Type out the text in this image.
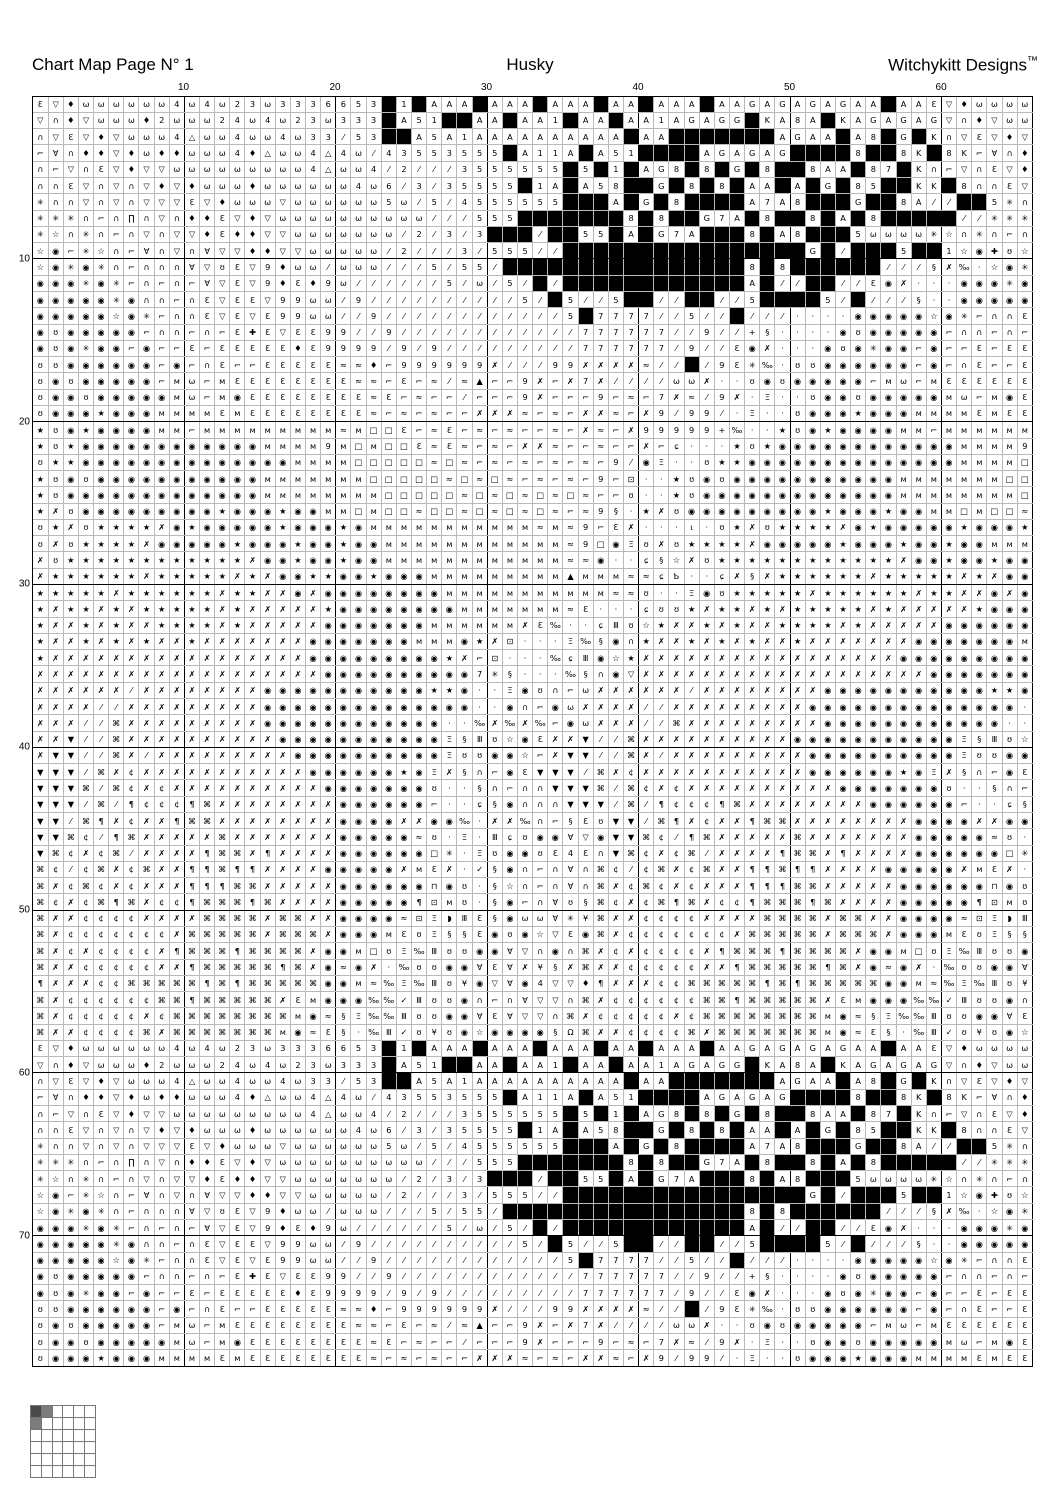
Chart Map Page N° 1	Husky	Witchykitt Designs™
10	20	30	40	50	60
10
20
30
40
50
60
70
Ɛ	▽	♦	ω	ω	ω	ω	ω	ω	4	ω	4	ω	2	3	ω	3	3	3	6	6	5	3		1		A	A	A		A	A	A		A	A	A		A	A		A	A	A		A	A	G	A	G	A	G	A	G	A	A		A	A	Ɛ	▽	♦	ω	ω	ω	ω
▽	∩	♦	▽	ω	ω	ω	♦	2	ω	ω	ω	2	4	ω	4	ω	2	3	ω	3	3	3		A	5	1			A	A		A	A	1		A	A		A	A	1	A	G	A	G	G		K	A	8	A		K	A	G	A	G	A	G	▽	∩	♦	▽	ω	ω
∩	▽	Ɛ	▽	♦	▽	ω	ω	ω	4	△	ω	ω	4	ω	ω	4	ω	3	3	⁄	5	3			A	5	A	1	A	A	A	A	A	A	A	A	A	A		A	A								A	G	A	A		A	8		G		K	∩	▽	Ɛ	▽	♦	▽
⌐	∀	∩	♦	♦	▽	♦	ω	♦	♦	ω	ω	ω	4	♦	△	ω	ω	4	△	4	ω	⁄	4	3	5	5	3	5	5	5		A	1	1	A		A	5	1					A	G	A	G	A	G					8			8	K		8	K	⌐	∀	∩	♦
∩	⌐	▽	∩	Ɛ	▽	♦	▽	▽	ω	ω	ω	ω	ω	ω	ω	ω	ω	4	△	ω	ω	4	⁄	2	⁄	⁄	⁄	3	5	5	5	5	5	5		5		1		A	G	8		8		G		8			8	A	A		8	7		K	∩	⌐	▽	∩	Ɛ	▽	♦
∩	∩	Ɛ	▽	∩	▽	∩	▽	♦	▽	♦	ω	ω	ω	♦	ω	ω	ω	ω	ω	ω	4	ω	6	⁄	3	⁄	3	5	5	5	5		1	A		A	5	8			G		8		8		A	A		A		G		8	5			K	K		8	∩	∩	Ɛ	▽
✳	∩	∩	▽	∩	▽	∩	▽	▽	▽	Ɛ	▽	♦	ω	ω	ω	▽	ω	ω	ω	ω	ω	ω	5	ω	⁄	5	⁄	4	5	5	5	5	5	5				A		G		8					A	7	A	8				G			8	A	⁄	⁄			5	✳	∩
✳	✳	✳	∩	⌐	∩	∏	∩	▽	∩	♦	♦	Ɛ	▽	♦	▽	ω	ω	ω	ω	ω	ω	ω	ω	ω	ω	⁄	⁄	⁄	5	5	5								8		8			G	7	A		8			8		A		8						⁄	⁄	✳	✳	✳
✳	☆	∩	✳	∩	⌐	∩	▽	∩	▽	▽	♦	Ɛ	♦	♦	▽	▽	ω	ω	ω	ω	ω	ω	ω	⁄	2	⁄	3	⁄	3				⁄			5	5		A		G	7	A				8		A	8				5	ω	ω	ω	ω	✳	☆	∩	✳	∩	⌐	∩
☆	◉	⌐	✳	☆	∩	⌐	∀	∩	▽	∩	∀	▽	▽	♦	♦	▽	▽	ω	ω	ω	ω	ω	⁄	2	⁄	⁄	⁄	3	⁄	5	5	5	⁄	⁄																	G		⁄				5			1	☆	◉	✚	ʊ	☆
☆	◉	✳	◉	✳	∩	⌐	∩	∩	∩	∀	▽	ʊ	Ɛ	▽	9	♦	ω	ω	⁄	ω	ω	ω	⁄	⁄	⁄	5	⁄	5	5	⁄																	8		8							⁄	⁄	⁄	§	✗	‰	·	☆	◉	✳
◉	◉	◉	✳	◉	✳	⌐	∩	⌐	∩	⌐	∀	▽	Ɛ	▽	9	♦	Ɛ	♦	9	ω	⁄	⁄	⁄	⁄	⁄	⁄	5	⁄	ω	⁄	5	⁄		⁄													A		⁄	⁄			⁄	⁄	Ɛ	◉	✗	·	·	·	◉	◉	◉	✳	◉
◉	◉	◉	◉	◉	✳	◉	∩	∩	⌐	∩	Ɛ	▽	Ɛ	Ɛ	▽	9	9	ω	ω	⁄	9	⁄	⁄	⁄	⁄	⁄	⁄	⁄	⁄	⁄	⁄	5	⁄		5	⁄	⁄	5			⁄	⁄			⁄	⁄	5					5	⁄		⁄	⁄	⁄	§	·	·	◉	◉	◉	◉	◉
◉	◉	◉	◉	◉	☆	◉	✳	⌐	∩	∩	Ɛ	▽	Ɛ	▽	Ɛ	9	9	ω	ω	⁄	⁄	9	⁄	⁄	⁄	⁄	⁄	⁄	⁄	⁄	⁄	⁄	⁄	⁄	5		7	7	7	7	⁄	⁄	5	⁄	⁄		⁄	⁄	⁄	·	·	·	·	◉	◉	◉	◉	◉	☆	◉	✳	⌐	∩	∩	Ɛ
◉	ʊ	◉	◉	◉	◉	◉	⌐	∩	∩	⌐	∩	⌐	Ɛ	✚	Ɛ	▽	Ɛ	Ɛ	9	9	⁄	⁄	9	⁄	⁄	⁄	⁄	⁄	⁄	⁄	⁄	⁄	⁄	⁄	⁄	7	7	7	7	7	7	⁄	⁄	9	⁄	⁄	+	§	·	·	·	·	◉	ʊ	◉	◉	◉	◉	◉	⌐	∩	∩	⌐	∩	⌐
◉	ʊ	◉	✳	◉	◉	⌐	◉	⌐	⌐	Ɛ	⌐	Ɛ	Ɛ	Ɛ	Ɛ	Ɛ	♦	Ɛ	9	9	9	9	⁄	9	⁄	9	⁄	⁄	⁄	⁄	⁄	⁄	⁄	⁄	⁄	7	7	7	7	7	7	⁄	9	⁄	⁄	Ɛ	◉	✗	·	·	·	◉	ʊ	◉	✳	◉	◉	⌐	◉	⌐	⌐	Ɛ	⌐	Ɛ	Ɛ
ʊ	ʊ	◉	◉	◉	◉	◉	◉	⌐	◉	⌐	∩	Ɛ	⌐	⌐	Ɛ	Ɛ	Ɛ	Ɛ	Ɛ	≈	≈	♦	⌐	9	9	9	9	9	9	✗	⁄	⁄	⁄	9	9	✗	✗	✗	✗	≈	⁄	⁄		⁄	9	Ɛ	✳	‰	·	ʊ	ʊ	◉	◉	◉	◉	◉	◉	⌐	◉	⌐	∩	Ɛ	⌐	⌐	Ɛ
ʊ	◉	ʊ	◉	◉	◉	◉	◉	⌐	ᴍ	ω	⌐	ᴍ	Ɛ	Ɛ	Ɛ	Ɛ	Ɛ	Ɛ	Ɛ	Ɛ	≈	≈	⌐	Ɛ	⌐	≈	⁄	≈	▲	⌐	⌐	9	✗	⌐	✗	7	✗	⁄	⁄	⁄	⁄	ω	ω	✗	·	·	ʊ	◉	ʊ	◉	◉	◉	◉	◉	⌐	ᴍ	ω	⌐	ᴍ	Ɛ	Ɛ	Ɛ	Ɛ	Ɛ	Ɛ
ʊ	◉	◉	ʊ	◉	◉	◉	◉	◉	ᴍ	ω	⌐	ᴍ	◉	Ɛ	Ɛ	Ɛ	Ɛ	Ɛ	Ɛ	Ɛ	Ɛ	≈	Ɛ	⌐	≈	⌐	⌐	⁄	⌐	⌐	⌐	9	✗	⌐	⌐	⌐	9	⌐	≈	⌐	7	✗	≈	⁄	9	✗	·	Ξ	·	·	ʊ	◉	◉	ʊ	◉	◉	◉	◉	◉	ᴍ	ω	⌐	ᴍ	◉	Ɛ
ʊ	◉	◉	◉	★	◉	◉	◉	ᴍ	ᴍ	ᴍ	ᴍ	Ɛ	ᴍ	Ɛ	Ɛ	Ɛ	Ɛ	Ɛ	Ɛ	Ɛ	Ɛ	≈	⌐	≈	⌐	≈	⌐	⌐	✗	✗	✗	≈	⌐	≈	⌐	✗	✗	≈	⌐	✗	9	⁄	9	9	⁄	·	Ξ	·	·	ʊ	◉	◉	◉	★	◉	◉	◉	ᴍ	ᴍ	ᴍ	ᴍ	Ɛ	ᴍ	Ɛ	Ɛ
★	ʊ	◉	★	◉	◉	◉	◉	ᴍ	ᴍ	⌐	ᴍ	ᴍ	ᴍ	ᴍ	ᴍ	ᴍ	ᴍ	ᴍ	ᴍ	≈	ᴍ	□	□	Ɛ	⌐	≈	Ɛ	⌐	≈	⌐	≈	⌐	⌐	≈	⌐	✗	≈	⌐	✗	9	9	9	9	9	+	‰	·	·	★	ʊ	◉	★	◉	◉	◉	◉	ᴍ	ᴍ	⌐	ᴍ	ᴍ	ᴍ	ᴍ	ᴍ	ᴍ
★	ʊ	★	◉	◉	◉	◉	◉	◉	◉	◉	◉	◉	◉	◉	ᴍ	ᴍ	ᴍ	ᴍ	9	ᴍ	□	ᴍ	□	□	Ɛ	≈	Ɛ	≈	⌐	≈	⌐	✗	✗	≈	⌐	⌐	≈	⌐	⌐	✗	⌐	ɕ	·	·	·	★	ʊ	★	◉	◉	◉	◉	◉	◉	◉	◉	◉	◉	◉	◉	ᴍ	ᴍ	ᴍ	ᴍ	9
ʊ	★	★	◉	◉	◉	◉	◉	◉	◉	◉	◉	◉	◉	◉	◉	◉	ᴍ	ᴍ	ᴍ	ᴍ	□	□	□	□	□	≈	□	≈	⌐	≈	⌐	≈	⌐	≈	⌐	≈	⌐	9	⁄	◉	Ξ	·	·	ʊ	★	★	◉	◉	◉	◉	◉	◉	◉	◉	◉	◉	◉	◉	◉	◉	ᴍ	ᴍ	ᴍ	ᴍ	□
★	ʊ	◉	ʊ	◉	◉	◉	◉	◉	◉	◉	◉	◉	◉	◉	ᴍ	ᴍ	ᴍ	ᴍ	ᴍ	ᴍ	ᴍ	□	□	□	□	□	≈	□	≈	□	≈	⌐	≈	⌐	≈	⌐	9	⌐	⊡	·	·	★	ʊ	◉	ʊ	◉	◉	◉	◉	◉	◉	◉	◉	◉	◉	◉	ᴍ	ᴍ	ᴍ	ᴍ	ᴍ	ᴍ	ᴍ	□	□
★	ʊ	◉	◉	◉	◉	◉	◉	◉	◉	◉	◉	◉	◉	◉	ᴍ	ᴍ	ᴍ	ᴍ	ᴍ	ᴍ	ᴍ	ᴍ	□	□	□	□	□	≈	□	≈	□	≈	□	≈	□	≈	⌐	⌐	ʊ	·	·	★	ʊ	◉	◉	◉	◉	◉	◉	◉	◉	◉	◉	◉	◉	◉	ᴍ	ᴍ	ᴍ	ᴍ	ᴍ	ᴍ	ᴍ	ᴍ	□
★	✗	ʊ	◉	◉	◉	◉	◉	◉	◉	◉	◉	★	◉	◉	◉	★	◉	◉	ᴍ	ᴍ	□	ᴍ	□	□	≈	□	□	≈	□	≈	□	≈	□	≈	⌐	≈	9	§	·	★	✗	ʊ	◉	◉	◉	◉	◉	◉	◉	◉	◉	★	◉	◉	◉	★	◉	◉	ᴍ	ᴍ	□	ᴍ	□	□	≈
ʊ	★	✗	ʊ	★	★	★	★	✗	◉	★	◉	◉	◉	◉	◉	★	◉	◉	◉	★	◉	ᴍ	ᴍ	ᴍ	ᴍ	ᴍ	ᴍ	ᴍ	ᴍ	ᴍ	ᴍ	ᴍ	≈	ᴍ	≈	9	⌐	Ɛ	✗	·	·	·	ɩ	·	ʊ	★	✗	ʊ	★	★	★	★	✗	◉	★	◉	◉	◉	◉	◉	★	◉	◉	◉	★
ʊ	✗	ʊ	★	★	★	★	✗	◉	◉	◉	◉	◉	★	◉	◉	◉	★	◉	◉	★	◉	◉	ᴍ	ᴍ	ᴍ	ᴍ	ᴍ	ᴍ	ᴍ	ᴍ	ᴍ	ᴍ	ᴍ	ᴍ	≈	9	□	◉	Ξ	ʊ	✗	ʊ	★	★	★	★	✗	◉	◉	◉	◉	◉	★	◉	◉	◉	★	◉	◉	★	◉	◉	ᴍ	ᴍ	ᴍ
✗	ʊ	★	★	★	★	★	★	★	★	★	★	★	★	✗	◉	◉	★	◉	◉	★	◉	◉	ᴍ	ᴍ	ᴍ	ᴍ	ᴍ	ᴍ	ᴍ	ᴍ	ᴍ	ᴍ	ᴍ	ᴍ	≈	≈	◉	·	·	ɕ	§	☆	✗	ʊ	★	★	★	★	★	★	★	★	★	★	★	★	✗	◉	◉	★	◉	◉	★	◉	◉
✗	★	★	★	★	★	★	✗	★	★	★	★	★	✗	★	✗	◉	◉	★	★	◉	◉	★	◉	◉	◉	ᴍ	ᴍ	ᴍ	ᴍ	ᴍ	ᴍ	ᴍ	ᴍ	ᴍ	▲	ᴍ	ᴍ	ᴍ	≈	≈	ɕ	Ƅ	·	·	ɕ	✗	§	✗	★	★	★	★	★	★	✗	★	★	★	★	★	✗	★	✗	◉	◉
★	★	★	★	★	✗	★	★	★	★	★	★	✗	★	★	✗	✗	◉	✗	◉	◉	◉	◉	◉	◉	◉	◉	ᴍ	ᴍ	ᴍ	ᴍ	ᴍ	ᴍ	ᴍ	ᴍ	ᴍ	ᴍ	ᴍ	≈	≈	ʊ	·	·	Ξ	◉	ʊ	★	★	★	★	★	✗	★	★	★	★	★	★	✗	★	★	✗	✗	◉	✗	◉
★	✗	★	★	✗	★	✗	★	★	★	★	★	✗	★	✗	✗	✗	✗	✗	★	◉	◉	◉	◉	◉	◉	◉	◉	ᴍ	ᴍ	ᴍ	ᴍ	ᴍ	ᴍ	ᴍ	≈	Ɛ	·	·	·	ɕ	ʊ	ʊ	★	✗	★	★	✗	★	✗	★	★	★	★	★	✗	★	✗	✗	✗	✗	✗	★	◉	◉	◉
★	✗	✗	★	✗	★	✗	✗	★	★	★	★	✗	★	✗	✗	✗	✗	✗	◉	◉	◉	◉	◉	◉	◉	ᴍ	ᴍ	ᴍ	ᴍ	ᴍ	ᴍ	✗	Ɛ	‰	·	·	ɕ	Ⅲ	ʊ	☆	★	✗	✗	★	✗	★	✗	✗	★	★	★	★	✗	★	✗	✗	✗	✗	✗	◉	◉	◉	◉	◉	◉
★	✗	✗	★	✗	★	✗	★	✗	✗	★	✗	✗	✗	✗	✗	✗	✗	◉	◉	◉	◉	◉	◉	◉	ᴍ	ᴍ	ᴍ	◉	★	✗	⊡	·	·	·	Ξ	‰	§	◉	∩	★	✗	✗	★	✗	★	✗	★	✗	✗	★	✗	✗	✗	✗	✗	✗	✗	◉	◉	◉	◉	◉	◉	◉	ᴍ
★	✗	✗	✗	✗	✗	✗	✗	✗	✗	✗	✗	✗	✗	✗	✗	✗	✗	◉	◉	◉	◉	◉	◉	◉	◉	◉	★	✗	⌐	⊡	·	·	·	‰	ɕ	Ⅲ	◉	☆	★	✗	✗	✗	✗	✗	✗	✗	✗	✗	✗	✗	✗	✗	✗	✗	✗	✗	◉	◉	◉	◉	◉	◉	◉	◉	◉
✗	✗	✗	✗	✗	✗	✗	✗	✗	✗	✗	✗	✗	✗	✗	✗	✗	✗	✗	◉	◉	◉	◉	◉	◉	◉	◉	◉	◉	7	✳	§	·	·	·	‰	§	∩	◉	▽	✗	✗	✗	✗	✗	✗	✗	✗	✗	✗	✗	✗	✗	✗	✗	✗	✗	✗	✗	◉	◉	◉	◉	◉	◉	◉
✗	✗	✗	✗	✗	✗	⁄	✗	✗	✗	✗	✗	✗	✗	✗	◉	◉	◉	◉	◉	◉	◉	◉	◉	◉	◉	★	★	◉	·	·	Ξ	◉	ʊ	∩	⌐	ω	✗	✗	✗	✗	✗	✗	⁄	✗	✗	✗	✗	✗	✗	✗	✗	◉	◉	◉	◉	◉	◉	◉	◉	◉	◉	◉	★	★	◉
✗	✗	✗	✗	⁄	⁄	✗	✗	✗	✗	✗	✗	✗	✗	✗	◉	◉	◉	◉	◉	◉	◉	◉	◉	◉	◉	◉	◉	◉	·	·	◉	∩	⌐	◉	ω	✗	✗	✗	✗	⁄	⁄	✗	✗	✗	✗	✗	✗	✗	✗	✗	◉	◉	◉	◉	◉	◉	◉	◉	◉	◉	◉	◉	◉	◉	·
✗	✗	✗	⁄	⁄	⌘	✗	✗	✗	✗	✗	✗	✗	✗	✗	◉	◉	◉	◉	◉	◉	◉	◉	◉	◉	◉	◉	·	·	‰	✗	‰	✗	‰	⌐	◉	ω	✗	✗	✗	⁄	⁄	⌘	✗	✗	✗	✗	✗	✗	✗	✗	✗	◉	◉	◉	◉	◉	◉	◉	◉	◉	◉	◉	◉	·	·
✗	✗	▼	⁄	⁄	⌘	✗	✗	✗	✗	✗	✗	✗	✗	✗	✗	◉	◉	◉	◉	◉	◉	◉	◉	◉	◉	◉	Ξ	§	Ⅲ	ʊ	☆	◉	Ɛ	✗	✗	▼	⁄	⁄	⌘	✗	✗	✗	✗	✗	✗	✗	✗	✗	✗	◉	◉	◉	◉	◉	◉	◉	◉	◉	◉	◉	Ξ	§	Ⅲ	ʊ	☆
✗	▼	▼	⁄	⁄	⌘	✗	⁄	✗	✗	✗	✗	✗	✗	✗	✗	✗	◉	◉	◉	◉	◉	◉	◉	◉	◉	◉	Ξ	ʊ	ʊ	◉	◉	☆	⌐	✗	▼	▼	⁄	⁄	⌘	✗	⁄	✗	✗	✗	✗	✗	✗	✗	✗	✗	◉	◉	◉	◉	◉	◉	◉	◉	◉	◉	Ξ	ʊ	ʊ	◉	◉
▼	▼	▼	⁄	⌘	✗	¢	✗	✗	✗	✗	✗	✗	✗	✗	✗	✗	✗	◉	◉	◉	◉	◉	◉	★	◉	Ξ	✗	§	∩	⌐	◉	Ɛ	▼	▼	▼	⁄	⌘	✗	¢	✗	✗	✗	✗	✗	✗	✗	✗	✗	✗	✗	◉	◉	◉	◉	◉	◉	★	◉	Ξ	✗	§	∩	⌐	◉	Ɛ
▼	▼	▼	⌘	⁄	⌘	¢	✗	¢	✗	✗	✗	✗	✗	✗	✗	✗	✗	✗	◉	◉	◉	◉	◉	◉	◉	ʊ	·	·	§	∩	⌐	∩	∩	▼	▼	▼	⌘	⁄	⌘	¢	✗	¢	✗	✗	✗	✗	✗	✗	✗	✗	✗	✗	◉	◉	◉	◉	◉	◉	◉	ʊ	·	·	§	∩	⌐
▼	▼	▼	⁄	⌘	⁄	¶	¢	¢	¢	¶	⌘	✗	✗	✗	✗	✗	✗	✗	✗	◉	◉	◉	◉	◉	◉	⌐	·	·	ɕ	§	◉	∩	∩	∩	▼	▼	▼	⁄	⌘	⁄	¶	¢	¢	¢	¶	⌘	✗	✗	✗	✗	✗	✗	✗	✗	◉	◉	◉	◉	◉	◉	⌐	·	·	ɕ	§
▼	▼	⁄	⌘	¶	✗	¢	✗	✗	¶	⌘	⌘	✗	✗	✗	✗	✗	✗	✗	✗	◉	◉	◉	◉	✗	✗	◉	◉	‰	·	✗	✗	‰	∩	⌐	§	Ɛ	ʊ	▼	▼	⁄	⌘	¶	✗	¢	✗	✗	¶	⌘	⌘	✗	✗	✗	✗	✗	✗	✗	✗	◉	◉	◉	◉	✗	✗	◉	◉
▼	▼	⌘	¢	⁄	¶	⌘	✗	✗	✗	✗	✗	⌘	✗	✗	✗	✗	✗	✗	✗	◉	◉	◉	◉	◉	≈	ʊ	·	Ξ	·	Ⅲ	ɕ	ʊ	◉	◉	∀	▽	◉	▼	▼	⌘	¢	⁄	¶	⌘	✗	✗	✗	✗	✗	⌘	✗	✗	✗	✗	✗	✗	✗	◉	◉	◉	◉	◉	≈	ʊ	·
▼	⌘	¢	✗	¢	⌘	⁄	✗	✗	✗	✗	¶	⌘	⌘	✗	¶	✗	✗	✗	✗	◉	◉	◉	◉	◉	◉	□	✳	·	Ξ	ʊ	◉	◉	ʊ	Ɛ	4	Ɛ	∩	▼	⌘	¢	✗	¢	⌘	⁄	✗	✗	✗	✗	¶	⌘	⌘	✗	¶	✗	✗	✗	✗	◉	◉	◉	◉	◉	◉	□	✳
⌘	¢	⁄	¢	⌘	✗	¢	⌘	✗	✗	¶	¶	⌘	¶	¶	✗	✗	✗	✗	◉	◉	◉	◉	◉	✗	ᴍ	Ɛ	✗	·	✓	§	◉	∩	⌐	∩	∀	∩	⌘	¢	⁄	¢	⌘	✗	¢	⌘	✗	✗	¶	¶	⌘	¶	¶	✗	✗	✗	✗	◉	◉	◉	◉	◉	✗	ᴍ	Ɛ	✗	·
⌘	✗	¢	⌘	¢	✗	¢	✗	✗	✗	¶	¶	¶	⌘	⌘	✗	✗	✗	✗	✗	◉	◉	◉	◉	◉	◉	⊓	◉	ʊ	·	§	☆	∩	⌐	∩	∀	∩	⌘	✗	¢	⌘	¢	✗	¢	✗	✗	✗	¶	¶	¶	⌘	⌘	✗	✗	✗	✗	✗	◉	◉	◉	◉	◉	◉	⊓	◉	ʊ
⌘	¢	✗	¢	⌘	¶	⌘	✗	¢	¢	¶	⌘	⌘	⌘	¶	⌘	✗	✗	✗	✗	◉	◉	◉	◉	◉	¶	⊡	ᴍ	ʊ	·	§	◉	⌐	∩	∀	ʊ	§	⌘	¢	✗	¢	⌘	¶	⌘	✗	¢	¢	¶	⌘	⌘	⌘	¶	⌘	✗	✗	✗	✗	◉	◉	◉	◉	◉	¶	⊡	ᴍ	ʊ
⌘	✗	✗	¢	¢	¢	¢	✗	✗	✗	✗	⌘	⌘	⌘	⌘	✗	⌘	⌘	✗	✗	◉	◉	◉	◉	≈	⊡	Ξ	◗	Ⅲ	Ɛ	§	◉	ω	ω	∀	✳	¥	⌘	✗	✗	¢	¢	¢	¢	✗	✗	✗	✗	⌘	⌘	⌘	⌘	✗	⌘	⌘	✗	✗	◉	◉	◉	◉	≈	⊡	Ξ	◗	Ⅲ
⌘	✗	¢	¢	¢	¢	¢	¢	¢	✗	⌘	⌘	⌘	⌘	⌘	✗	⌘	⌘	⌘	✗	◉	◉	◉	ᴍ	Ɛ	ʊ	Ξ	§	§	Ɛ	◉	ʊ	◉	☆	▽	Ɛ	◉	⌘	✗	¢	¢	¢	¢	¢	¢	¢	✗	⌘	⌘	⌘	⌘	⌘	✗	⌘	⌘	⌘	✗	◉	◉	◉	ᴍ	Ɛ	ʊ	Ξ	§	§
⌘	✗	¢	✗	¢	¢	¢	¢	✗	¶	⌘	⌘	⌘	¶	⌘	⌘	⌘	⌘	✗	◉	◉	ᴍ	□	ʊ	Ξ	‰	Ⅲ	ʊ	ʊ	◉	◉	∀	▽	∩	◉	∩	⌘	✗	¢	✗	¢	¢	¢	¢	✗	¶	⌘	⌘	⌘	¶	⌘	⌘	⌘	⌘	✗	◉	◉	ᴍ	□	ʊ	Ξ	‰	Ⅲ	ʊ	ʊ	◉
⌘	✗	✗	¢	¢	¢	¢	¢	✗	✗	¶	⌘	⌘	⌘	⌘	⌘	¶	⌘	✗	◉	≈	◉	✗	·	‰	ʊ	ʊ	◉	◉	∀	Ɛ	∀	✗	¥	§	✗	⌘	✗	✗	¢	¢	¢	¢	¢	✗	✗	¶	⌘	⌘	⌘	⌘	⌘	¶	⌘	✗	◉	≈	◉	✗	·	‰	ʊ	ʊ	◉	◉	∀
¶	✗	✗	✗	¢	¢	⌘	⌘	⌘	⌘	⌘	¶	⌘	¶	⌘	⌘	⌘	⌘	⌘	◉	◉	ᴍ	≈	‰	Ξ	‰	Ⅲ	ʊ	¥	◉	▽	∀	◉	4	▽	▽	♦	¶	✗	✗	✗	¢	¢	⌘	⌘	⌘	⌘	⌘	¶	⌘	¶	⌘	⌘	⌘	⌘	⌘	◉	◉	ᴍ	≈	‰	Ξ	‰	Ⅲ	ʊ	¥
⌘	✗	¢	¢	¢	¢	¢	¢	⌘	⌘	¶	⌘	⌘	⌘	⌘	⌘	✗	Ɛ	ᴍ	◉	◉	◉	‰	‰	✓	Ⅲ	ʊ	ʊ	◉	∩	⌐	∩	∀	▽	▽	∩	⌘	✗	¢	¢	¢	¢	¢	¢	⌘	⌘	¶	⌘	⌘	⌘	⌘	⌘	✗	Ɛ	ᴍ	◉	◉	◉	‰	‰	✓	Ⅲ	ʊ	ʊ	◉	∩
⌘	✗	¢	¢	¢	¢	¢	✗	¢	⌘	⌘	⌘	⌘	⌘	⌘	⌘	⌘	ᴍ	◉	≈	§	Ξ	‰	‰	Ⅲ	ʊ	ʊ	◉	◉	∀	Ɛ	∀	▽	▽	∩	⌘	✗	¢	¢	¢	¢	¢	✗	¢	⌘	⌘	⌘	⌘	⌘	⌘	⌘	⌘	ᴍ	◉	≈	§	Ξ	‰	‰	Ⅲ	ʊ	ʊ	◉	◉	∀	Ɛ
⌘	✗	✗	¢	¢	¢	¢	⌘	✗	⌘	⌘	⌘	⌘	⌘	⌘	⌘	ᴍ	◉	≈	Ɛ	§	·	‰	Ⅲ	✓	ʊ	¥	ʊ	◉	☆	◉	◉	◉	◉	§	Ω	⌘	✗	✗	¢	¢	¢	¢	⌘	✗	⌘	⌘	⌘	⌘	⌘	⌘	⌘	ᴍ	◉	≈	Ɛ	§	·	‰	Ⅲ	✓	ʊ	¥	ʊ	◉	☆
Ɛ	▽	♦	ω	ω	ω	ω	ω	ω	4	ω	4	ω	2	3	ω	3	3	3	6	6	5	3		1		A	A	A		A	A	A		A	A	A		A	A		A	A	A		A	A	G	A	G	A	G	A	G	A	A		A	A	Ɛ	▽	♦	ω	ω	ω	ω
▽	∩	♦	▽	ω	ω	ω	♦	2	ω	ω	ω	2	4	ω	4	ω	2	3	ω	3	3	3		A	5	1			A	A		A	A	1		A	A		A	A	1	A	G	A	G	G		K	A	8	A		K	A	G	A	G	A	G	▽	∩	♦	▽	ω	ω
∩	▽	Ɛ	▽	♦	▽	ω	ω	ω	4	△	ω	ω	4	ω	ω	4	ω	3	3	⁄	5	3			A	5	A	1	A	A	A	A	A	A	A	A	A	A		A	A								A	G	A	A		A	8		G		K	∩	▽	Ɛ	▽	♦	▽
⌐	∀	∩	♦	♦	▽	♦	ω	♦	♦	ω	ω	ω	4	♦	△	ω	ω	4	△	4	ω	⁄	4	3	5	5	3	5	5	5		A	1	1	A		A	5	1					A	G	A	G	A	G					8			8	K		8	K	⌐	∀	∩	♦
∩	⌐	▽	∩	Ɛ	▽	♦	▽	▽	ω	ω	ω	ω	ω	ω	ω	ω	ω	4	△	ω	ω	4	⁄	2	⁄	⁄	⁄	3	5	5	5	5	5	5		5		1		A	G	8		8		G		8			8	A	A		8	7		K	∩	⌐	▽	∩	Ɛ	▽	♦
∩	∩	Ɛ	▽	∩	▽	∩	▽	♦	▽	♦	ω	ω	ω	♦	ω	ω	ω	ω	ω	ω	4	ω	6	⁄	3	⁄	3	5	5	5	5		1	A		A	5	8			G		8		8		A	A		A		G		8	5			K	K		8	∩	∩	Ɛ	▽
✳	∩	∩	▽	∩	▽	∩	▽	▽	▽	Ɛ	▽	♦	ω	ω	ω	▽	ω	ω	ω	ω	ω	ω	5	ω	⁄	5	⁄	4	5	5	5	5	5	5				A		G		8					A	7	A	8				G			8	A	⁄	⁄			5	✳	∩
✳	✳	✳	∩	⌐	∩	∏	∩	▽	∩	♦	♦	Ɛ	▽	♦	▽	ω	ω	ω	ω	ω	ω	ω	ω	ω	ω	⁄	⁄	⁄	5	5	5								8		8			G	7	A		8			8		A		8						⁄	⁄	✳	✳	✳
✳	☆	∩	✳	∩	⌐	∩	▽	∩	▽	▽	♦	Ɛ	♦	♦	▽	▽	ω	ω	ω	ω	ω	ω	ω	⁄	2	⁄	3	⁄	3				⁄			5	5		A		G	7	A				8		A	8				5	ω	ω	ω	ω	✳	☆	∩	✳	∩	⌐	∩
☆	◉	⌐	✳	☆	∩	⌐	∀	∩	▽	∩	∀	▽	▽	♦	♦	▽	▽	ω	ω	ω	ω	ω	⁄	2	⁄	⁄	⁄	3	⁄	5	5	5	⁄	⁄																	G		⁄				5			1	☆	◉	✚	ʊ	☆
☆	◉	✳	◉	✳	∩	⌐	∩	∩	∩	∀	▽	ʊ	Ɛ	▽	9	♦	ω	ω	⁄	ω	ω	ω	⁄	⁄	⁄	5	⁄	5	5	⁄																	8		8							⁄	⁄	⁄	§	✗	‰	·	☆	◉	✳
◉	◉	◉	✳	◉	✳	⌐	∩	⌐	∩	⌐	∀	▽	Ɛ	▽	9	♦	Ɛ	♦	9	ω	⁄	⁄	⁄	⁄	⁄	⁄	5	⁄	ω	⁄	5	⁄		⁄													A		⁄	⁄			⁄	⁄	Ɛ	◉	✗	·	·	·	◉	◉	◉	✳	◉
◉	◉	◉	◉	◉	✳	◉	∩	∩	⌐	∩	Ɛ	▽	Ɛ	Ɛ	▽	9	9	ω	ω	⁄	9	⁄	⁄	⁄	⁄	⁄	⁄	⁄	⁄	⁄	⁄	5	⁄		5	⁄	⁄	5			⁄	⁄			⁄	⁄	5					5	⁄		⁄	⁄	⁄	§	·	·	◉	◉	◉	◉	◉
◉	◉	◉	◉	◉	☆	◉	✳	⌐	∩	∩	Ɛ	▽	Ɛ	▽	Ɛ	9	9	ω	ω	⁄	⁄	9	⁄	⁄	⁄	⁄	⁄	⁄	⁄	⁄	⁄	⁄	⁄	⁄	5		7	7	7	7	⁄	⁄	5	⁄	⁄		⁄	⁄	⁄	·	·	·	·	◉	◉	◉	◉	◉	☆	◉	✳	⌐	∩	∩	Ɛ
◉	ʊ	◉	◉	◉	◉	◉	⌐	∩	∩	⌐	∩	⌐	Ɛ	✚	Ɛ	▽	Ɛ	Ɛ	9	9	⁄	⁄	9	⁄	⁄	⁄	⁄	⁄	⁄	⁄	⁄	⁄	⁄	⁄	⁄	7	7	7	7	7	7	⁄	⁄	9	⁄	⁄	+	§	·	·	·	·	◉	ʊ	◉	◉	◉	◉	◉	⌐	∩	∩	⌐	∩	⌐
◉	ʊ	◉	✳	◉	◉	⌐	◉	⌐	⌐	Ɛ	⌐	Ɛ	Ɛ	Ɛ	Ɛ	Ɛ	♦	Ɛ	9	9	9	9	⁄	9	⁄	9	⁄	⁄	⁄	⁄	⁄	⁄	⁄	⁄	⁄	7	7	7	7	7	7	⁄	9	⁄	⁄	Ɛ	◉	✗	·	·	·	◉	ʊ	◉	✳	◉	◉	⌐	◉	⌐	⌐	Ɛ	⌐	Ɛ	Ɛ
ʊ	ʊ	◉	◉	◉	◉	◉	◉	⌐	◉	⌐	∩	Ɛ	⌐	⌐	Ɛ	Ɛ	Ɛ	Ɛ	Ɛ	≈	≈	♦	⌐	9	9	9	9	9	9	✗	⁄	⁄	⁄	9	9	✗	✗	✗	✗	≈	⁄	⁄		⁄	9	Ɛ	✳	‰	·	ʊ	ʊ	◉	◉	◉	◉	◉	◉	⌐	◉	⌐	∩	Ɛ	⌐	⌐	Ɛ
ʊ	◉	ʊ	◉	◉	◉	◉	◉	⌐	ᴍ	ω	⌐	ᴍ	Ɛ	Ɛ	Ɛ	Ɛ	Ɛ	Ɛ	Ɛ	Ɛ	≈	≈	⌐	Ɛ	⌐	≈	⁄	≈	▲	⌐	⌐	9	✗	⌐	✗	7	✗	⁄	⁄	⁄	⁄	ω	ω	✗	·	·	ʊ	◉	ʊ	◉	◉	◉	◉	◉	⌐	ᴍ	ω	⌐	ᴍ	Ɛ	Ɛ	Ɛ	Ɛ	Ɛ	Ɛ
ʊ	◉	◉	ʊ	◉	◉	◉	◉	◉	ᴍ	ω	⌐	ᴍ	◉	Ɛ	Ɛ	Ɛ	Ɛ	Ɛ	Ɛ	Ɛ	Ɛ	≈	Ɛ	⌐	≈	⌐	⌐	⁄	⌐	⌐	⌐	9	✗	⌐	⌐	⌐	9	⌐	≈	⌐	7	✗	≈	⁄	9	✗	·	Ξ	·	·	ʊ	◉	◉	ʊ	◉	◉	◉	◉	◉	ᴍ	ω	⌐	ᴍ	◉	Ɛ
ʊ	◉	◉	◉	★	◉	◉	◉	ᴍ	ᴍ	ᴍ	ᴍ	Ɛ	ᴍ	Ɛ	Ɛ	Ɛ	Ɛ	Ɛ	Ɛ	Ɛ	Ɛ	≈	⌐	≈	⌐	≈	⌐	⌐	✗	✗	✗	≈	⌐	≈	⌐	✗	✗	≈	⌐	✗	9	⁄	9	9	⁄	·	Ξ	·	·	ʊ	◉	◉	◉	★	◉	◉	◉	ᴍ	ᴍ	ᴍ	ᴍ	Ɛ	ᴍ	Ɛ	Ɛ
